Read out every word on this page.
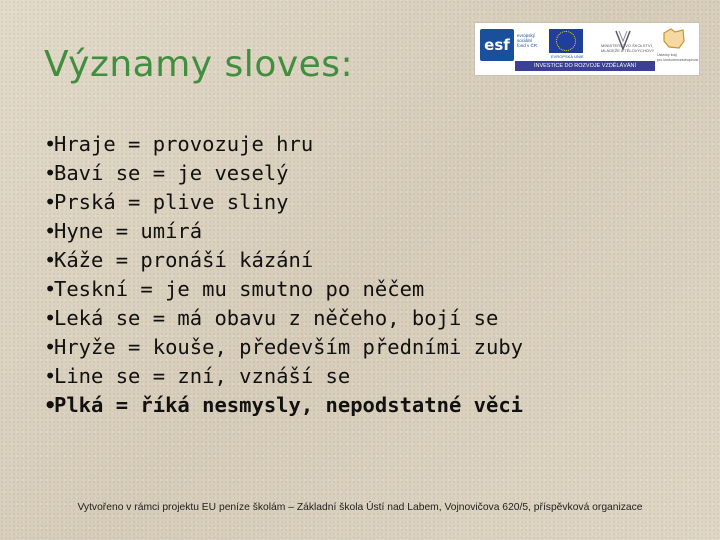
Významy sloves:	esf
evropský
sociální
fond v ČR
EVROPSKÁ UNIE
MINISTERSTVO ŠKOLSTVÍ,
MLÁDEŽE A TĚLOVÝCHOVY
Ústecký kraj
pro konkurenceschopnost
INVESTICE DO ROZVOJE VZDĚLÁVÁNÍ
•Hraje = provozuje hru
•Baví se = je veselý
•Prská = plive sliny
•Hyne = umírá
•Káže = pronáší kázání
•Teskní = je mu smutno po něčem
•Leká se = má obavu z něčeho, bojí se
•Hryže = kouše, především předními zuby
•Line se = zní, vznáší se
•Plká = říká nesmysly, nepodstatné věci
Vytvořeno v rámci projektu EU peníze školám – Základní škola Ústí nad Labem, Vojnovičova 620/5, příspěvková organizace
